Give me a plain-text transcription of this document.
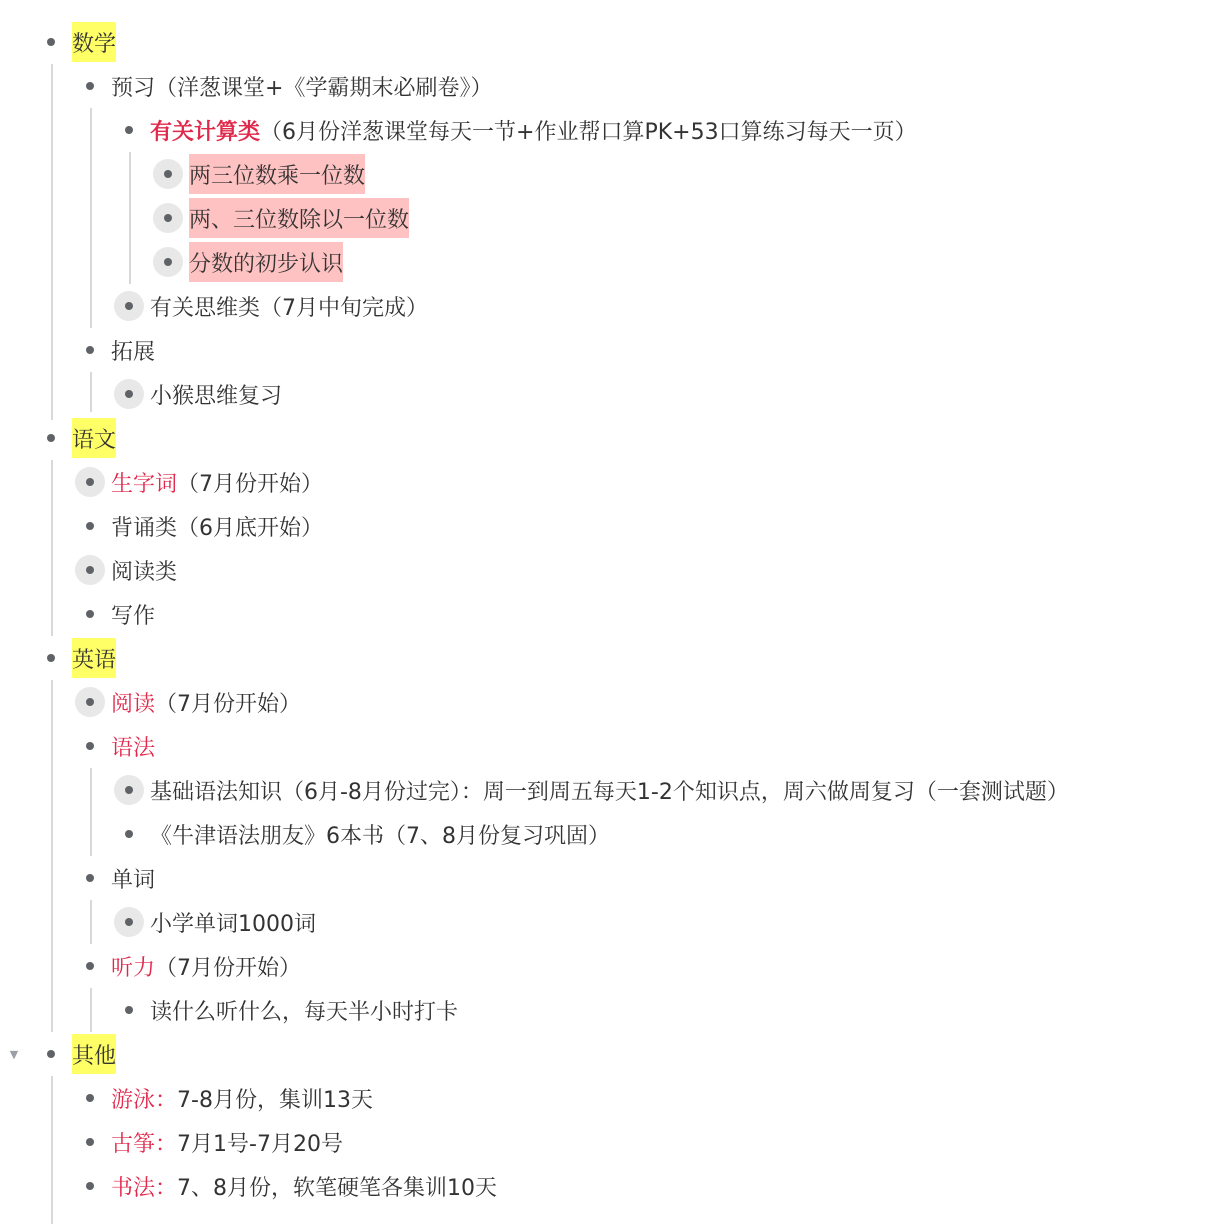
▼
数学
预习 （洋葱课堂+《学霸期末必刷卷》）
有关计算类 （6月份洋葱课堂每天一节+作业帮口算PK+53口算练习每天一页）
两三位数乘一位数
两、三位数除以一位数
分数的初步认识
有关思维类 （7月中旬完成）
拓展
小猴思维复习
语文
生字词 （7月份开始）
背诵类（6月底开始）
阅读类
写作
英语
阅读 （7月份开始）
语法
基础语法知识（6月-8月份过完）：周一到周五每天1-2个知识点，周六做周复习（一套测试题）
《牛津语法朋友》6本书（7、8月份复习巩固）
单词
小学单词1000词
听力 （7月份开始）
读什么听什么，每天半小时打卡
其他
游泳： 7-8月份，集训13天
古筝： 7月1号-7月20号
书法： 7、8月份，软笔硬笔各集训10天
